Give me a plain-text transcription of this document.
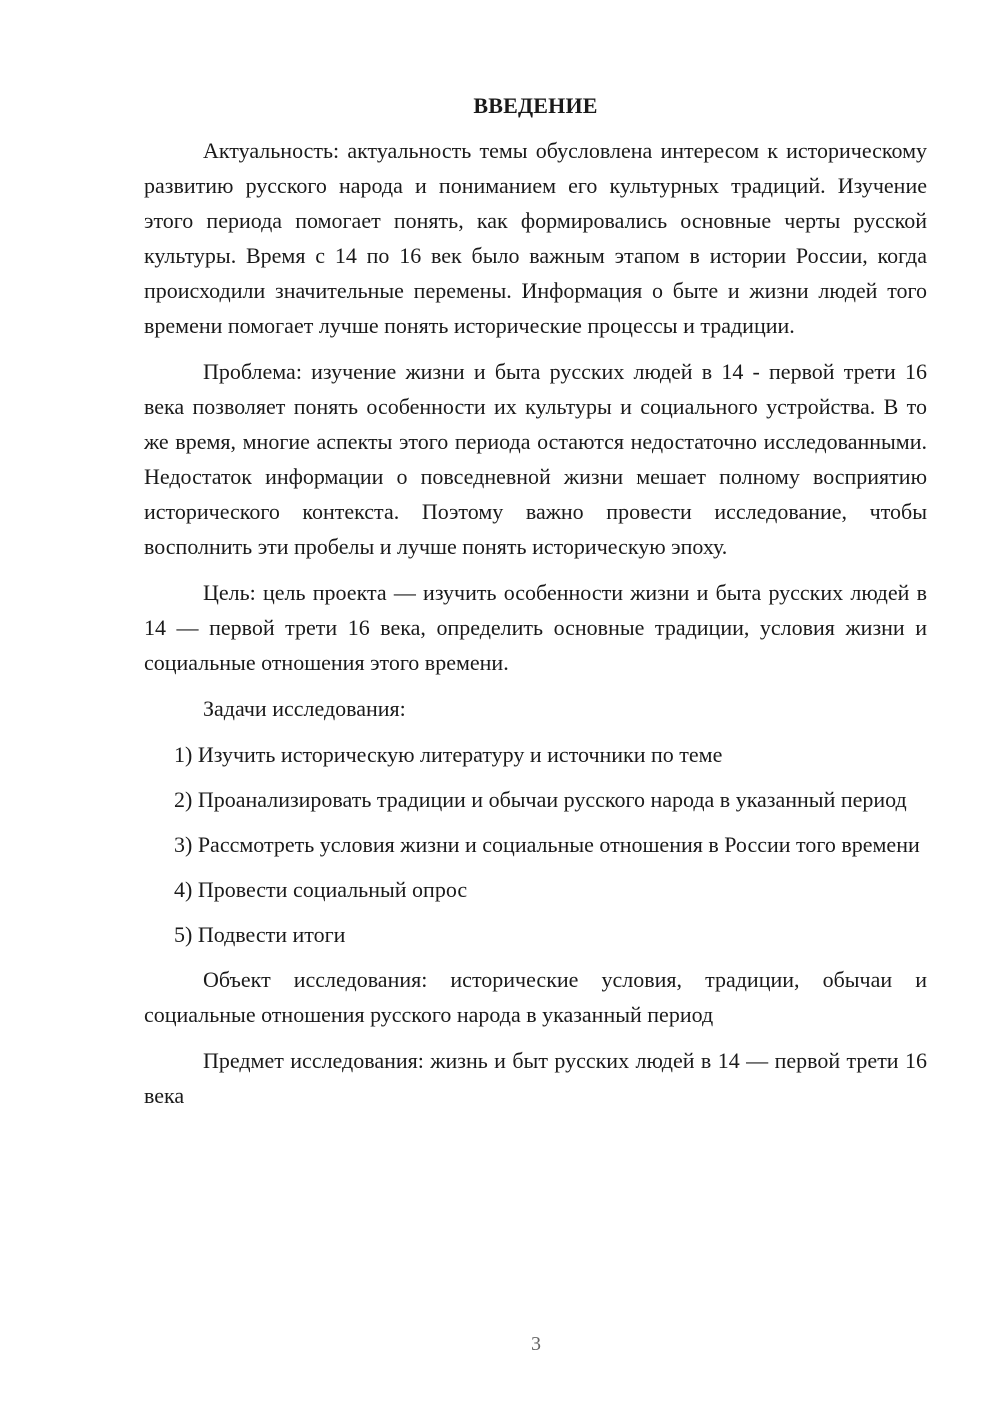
ВВЕДЕНИЕ

Актуальность: актуальность темы обусловлена интересом к историческому развитию русского народа и пониманием его культурных традиций. Изучение этого периода помогает понять, как формировались основные черты русской культуры. Время с 14 по 16 век было важным этапом в истории России, когда происходили значительные перемены. Информация о быте и жизни людей того времени помогает лучше понять исторические процессы и традиции.

Проблема: изучение жизни и быта русских людей в 14 - первой трети 16 века позволяет понять особенности их культуры и социального устройства. В то же время, многие аспекты этого периода остаются недостаточно исследованными. Недостаток информации о повседневной жизни мешает полному восприятию исторического контекста. Поэтому важно провести исследование, чтобы восполнить эти пробелы и лучше понять историческую эпоху.

Цель: цель проекта — изучить особенности жизни и быта русских людей в 14 — первой трети 16 века, определить основные традиции, условия жизни и социальные отношения этого времени.

Задачи исследования:

1) Изучить историческую литературу и источники по теме

2) Проанализировать традиции и обычаи русского народа в указанный период

3) Рассмотреть условия жизни и социальные отношения в России того времени

4) Провести социальный опрос

5) Подвести итоги

Объект исследования: исторические условия, традиции, обычаи и социальные отношения русского народа в указанный период

Предмет исследования: жизнь и быт русских людей в 14 — первой трети 16 века

3
